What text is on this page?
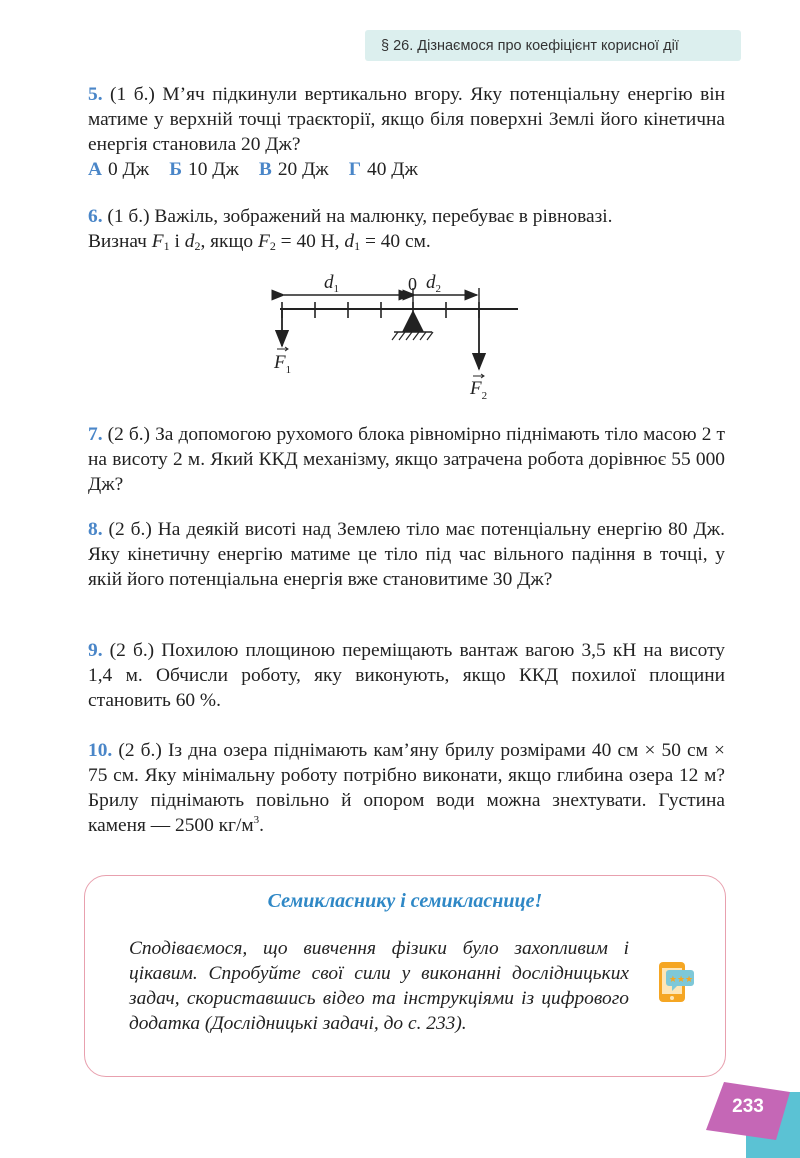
§ 26. Дізнаємося про коефіцієнт корисної дії

5. (1 б.) М’яч підкинули вертикально вгору. Яку потенціальну енергію він матиме у верхній точці траєкторії, якщо біля поверхні Землі його кінетична енергія становила 20 Дж?

А 0 Дж Б 10 Дж В 20 Дж Г 40 Дж

6. (1 б.) Важіль, зображений на малюнку, перебуває в рівновазі.

Визнач $F_1$ і $d_2$, якщо $F_2 = 40$ Н, $d_1 = 40$ см.

$d_1$	0 $d_2$
$F_1$
$F_2$

7. (2 б.) За допомогою рухомого блока рівномірно піднімають тіло масою 2 т на висоту 2 м. Який ККД механізму, якщо затрачена робота дорівнює 55 000 Дж?

8. (2 б.) На деякій висоті над Землею тіло має потенціальну енергію 80 Дж. Яку кінетичну енергію матиме це тіло під час вільного падіння в точці, у якій його потенціальна енергія вже становитиме 30 Дж?

9. (2 б.) Похилою площиною переміщають вантаж вагою 3,5 кН на висоту 1,4 м. Обчисли роботу, яку виконують, якщо ККД похилої площини становить 60 %.

10. (2 б.) Із дна озера піднімають кам’яну брилу розмірами 40 см × 50 см × 75 см. Яку мінімальну роботу потрібно виконати, якщо глибина озера 12 м? Брилу піднімають повільно й опором води можна знехтувати. Густина каменя — 2500 $кг/м^3$.

Семикласнику і семикласнице!

Сподіваємося, що вивчення фізики було захопливим і цікавим. Спробуйте свої сили у виконанні дослідницьких задач, скориставшись відео та інструкціями із цифрового додатка (Дослідницькі задачі, до с. 233).

★★★
233
